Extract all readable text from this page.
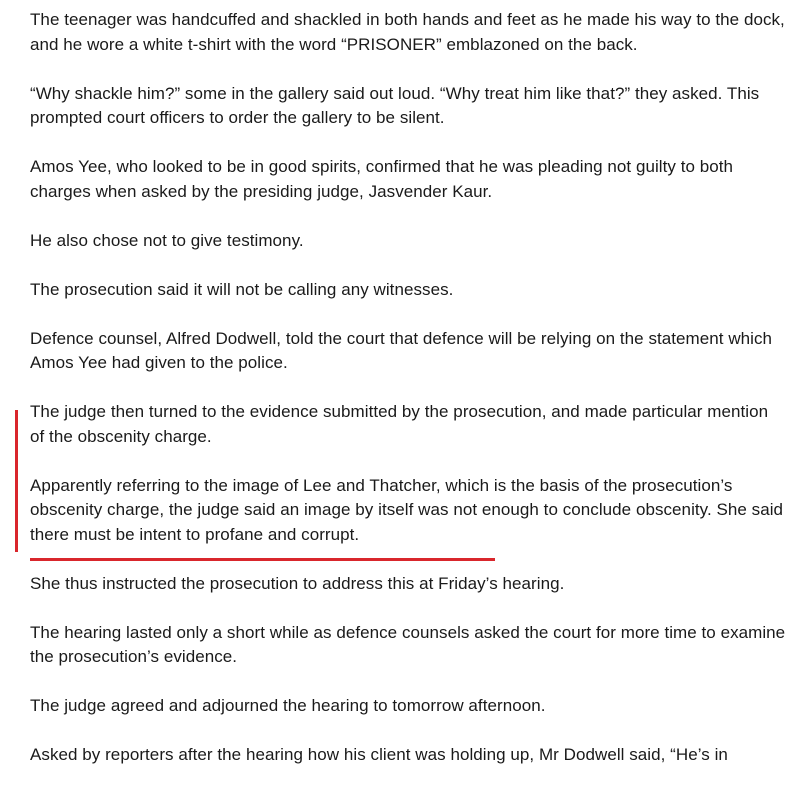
The teenager was handcuffed and shackled in both hands and feet as he made his way to the dock, and he wore a white t-shirt with the word “PRISONER” emblazoned on the back.

“Why shackle him?” some in the gallery said out loud. “Why treat him like that?” they asked. This prompted court officers to order the gallery to be silent.

Amos Yee, who looked to be in good spirits, confirmed that he was pleading not guilty to both charges when asked by the presiding judge, Jasvender Kaur.

He also chose not to give testimony.

The prosecution said it will not be calling any witnesses.

Defence counsel, Alfred Dodwell, told the court that defence will be relying on the statement which Amos Yee had given to the police.

The judge then turned to the evidence submitted by the prosecution, and made particular mention of the obscenity charge.

Apparently referring to the image of Lee and Thatcher, which is the basis of the prosecution’s obscenity charge, the judge said an image by itself was not enough to conclude obscenity. She said there must be intent to profane and corrupt.

She thus instructed the prosecution to address this at Friday’s hearing.

The hearing lasted only a short while as defence counsels asked the court for more time to examine the prosecution’s evidence.

The judge agreed and adjourned the hearing to tomorrow afternoon.

Asked by reporters after the hearing how his client was holding up, Mr Dodwell said, “He’s in
